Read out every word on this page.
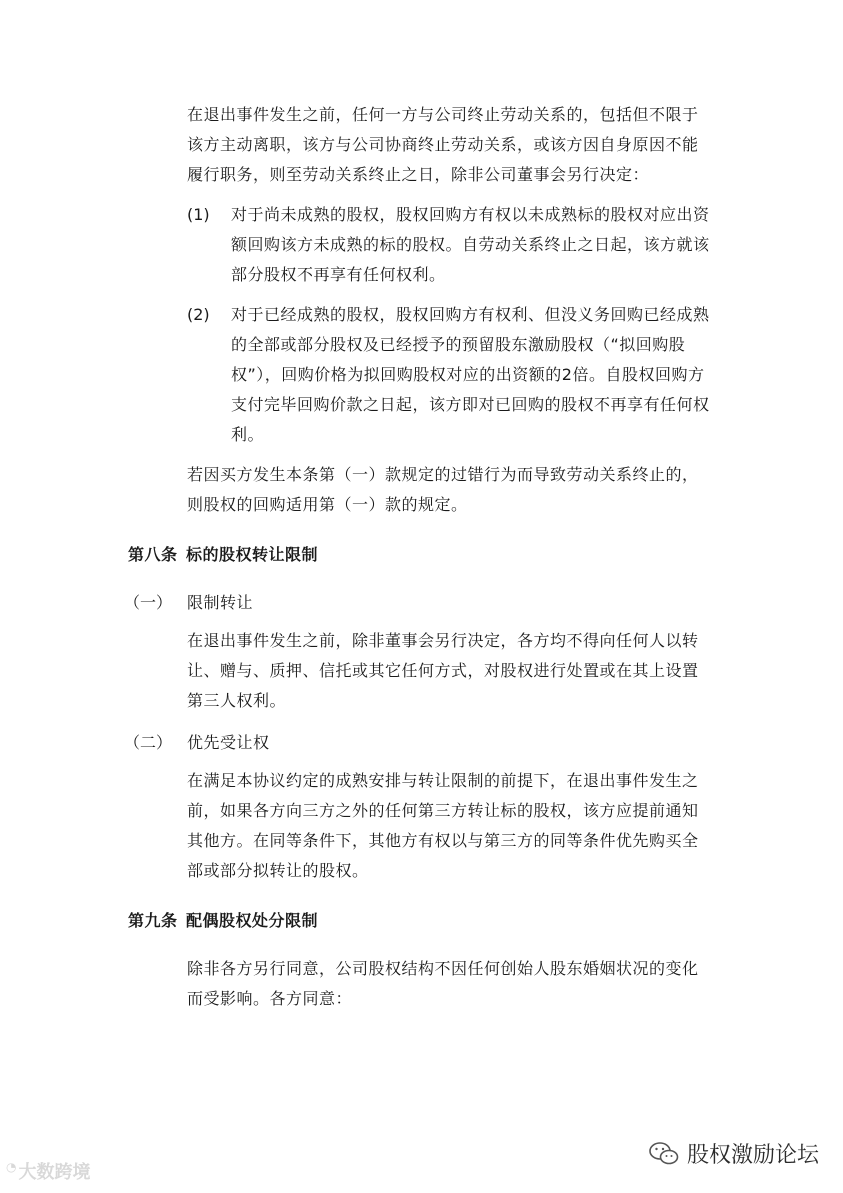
在退出事件发生之前，任何一方与公司终止劳动关系的，包括但不限于
该方主动离职，该方与公司协商终止劳动关系，或该方因自身原因不能
履行职务，则至劳动关系终止之日，除非公司董事会另行决定：
(1) 对于尚未成熟的股权，股权回购方有权以未成熟标的股权对应出资
额回购该方未成熟的标的股权。自劳动关系终止之日起，该方就该
部分股权不再享有任何权利。
(2) 对于已经成熟的股权，股权回购方有权利、但没义务回购已经成熟
的全部或部分股权及已经授予的预留股东激励股权（“拟回购股
权”），回购价格为拟回购股权对应的出资额的2倍。自股权回购方
支付完毕回购价款之日起，该方即对已回购的股权不再享有任何权
利。
若因买方发生本条第（一）款规定的过错行为而导致劳动关系终止的，
则股权的回购适用第（一）款的规定。
第八条 标的股权转让限制
（一） 限制转让
在退出事件发生之前，除非董事会另行决定，各方均不得向任何人以转
让、赠与、质押、信托或其它任何方式，对股权进行处置或在其上设置
第三人权利。
（二） 优先受让权
在满足本协议约定的成熟安排与转让限制的前提下，在退出事件发生之
前，如果各方向三方之外的任何第三方转让标的股权，该方应提前通知
其他方。在同等条件下，其他方有权以与第三方的同等条件优先购买全
部或部分拟转让的股权。
第九条 配偶股权处分限制
除非各方另行同意，公司股权结构不因任何创始人股东婚姻状况的变化
而受影响。各方同意：
◔ 大数跨境
股权激励论坛
